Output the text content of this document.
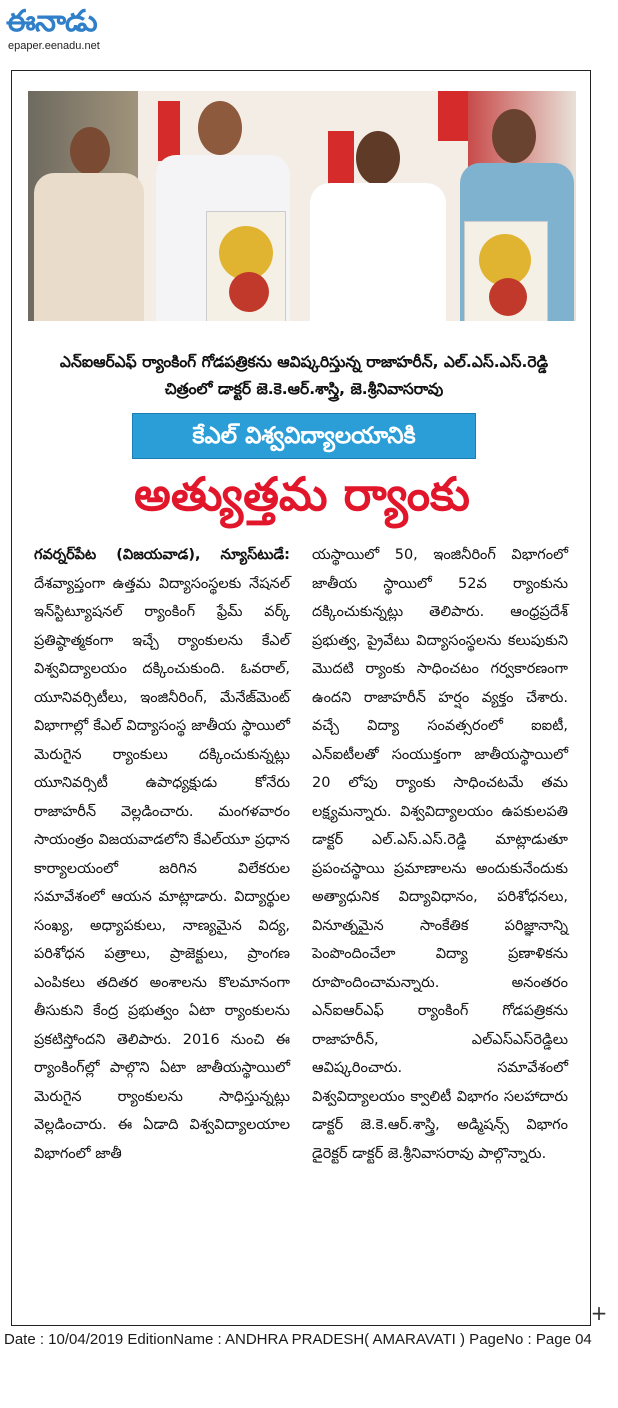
ఈనాడు
epaper.eenadu.net
ఎన్ఐఆర్ఎఫ్ ర్యాంకింగ్ గోడపత్రికను ఆవిష్కరిస్తున్న రాజాహరీన్, ఎల్.ఎస్.ఎస్.రెడ్డి చిత్రంలో డాక్టర్ జె.కె.ఆర్.శాస్త్రి, జె.శ్రీనివాసరావు
కేఎల్ విశ్వవిద్యాలయానికి
అత్యుత్తమ ర్యాంకు
గవర్నర్‌పేట (విజయవాడ), న్యూస్‌టుడే: దేశవ్యాప్తంగా ఉత్తమ విద్యాసంస్థలకు నేషనల్ ఇన్‌స్టిట్యూషనల్ ర్యాంకింగ్ ఫ్రేమ్ వర్క్ ప్రతిష్ఠాత్మకంగా ఇచ్చే ర్యాంకులను కేఎల్ విశ్వవిద్యాలయం దక్కించుకుంది. ఓవరాల్, యూనివర్సిటీలు, ఇంజినీరింగ్, మేనేజ్‌మెంట్ విభాగాల్లో కేఎల్ విద్యాసంస్థ జాతీయ స్థాయిలో మెరుగైన ర్యాంకులు దక్కించుకున్నట్లు యూనివర్సిటీ ఉపాధ్యక్షుడు కోనేరు రాజాహరీన్ వెల్లడించారు. మంగళవారం సాయంత్రం విజయవాడలోని కేఎల్‌యూ ప్రధాన కార్యాలయంలో జరిగిన విలేకరుల సమావేశంలో ఆయన మాట్లాడారు. విద్యార్థుల సంఖ్య, అధ్యాపకులు, నాణ్యమైన విద్య, పరిశోధన పత్రాలు, ప్రాజెక్టులు, ప్రాంగణ ఎంపికలు తదితర అంశాలను కొలమానంగా తీసుకుని కేంద్ర ప్రభుత్వం ఏటా ర్యాంకులను ప్రకటిస్తోందని తెలిపారు. 2016 నుంచి ఈ ర్యాంకింగ్‌ల్లో పాల్గొని ఏటా జాతీయస్థాయిలో మెరుగైన ర్యాంకులను సాధిస్తున్నట్లు వెల్లడించారు. ఈ ఏడాది విశ్వవిద్యాలయాల విభాగంలో జాతీ
యస్థాయిలో 50, ఇంజినీరింగ్ విభాగంలో జాతీయ స్థాయిలో 52వ ర్యాంకును దక్కించుకున్నట్లు తెలిపారు. ఆంధ్రప్రదేశ్ ప్రభుత్వ, ప్రైవేటు విద్యాసంస్థలను కలుపుకుని మొదటి ర్యాంకు సాధించటం గర్వకారణంగా ఉందని రాజాహరీన్ హర్షం వ్యక్తం చేశారు. వచ్చే విద్యా సంవత్సరంలో ఐఐటీ, ఎన్ఐటీలతో సంయుక్తంగా జాతీయస్థాయిలో 20 లోపు ర్యాంకు సాధించటమే తమ లక్ష్యమన్నారు. విశ్వవిద్యాలయం ఉపకులపతి డాక్టర్ ఎల్.ఎస్.ఎస్.రెడ్డి మాట్లాడుతూ ప్రపంచస్థాయి ప్రమాణాలను అందుకునేందుకు అత్యాధునిక విద్యావిధానం, పరిశోధనలు, వినూత్నమైన సాంకేతిక పరిజ్ఞానాన్ని పెంపొందించేలా విద్యా ప్రణాళికను రూపొందించామన్నారు. అనంతరం ఎన్ఐఆర్ఎఫ్ ర్యాంకింగ్ గోడపత్రికను రాజాహరీన్, ఎల్ఎస్ఎస్‌రెడ్డిలు ఆవిష్కరించారు. సమావేశంలో విశ్వవిద్యాలయం క్వాలిటీ విభాగం సలహాదారు డాక్టర్ జె.కె.ఆర్.శాస్త్రి, అడ్మిషన్స్ విభాగం డైరెక్టర్ డాక్టర్ జె.శ్రీనివాసరావు పాల్గొన్నారు.
+
Date : 10/04/2019 EditionName : ANDHRA PRADESH( AMARAVATI ) PageNo : Page 04
